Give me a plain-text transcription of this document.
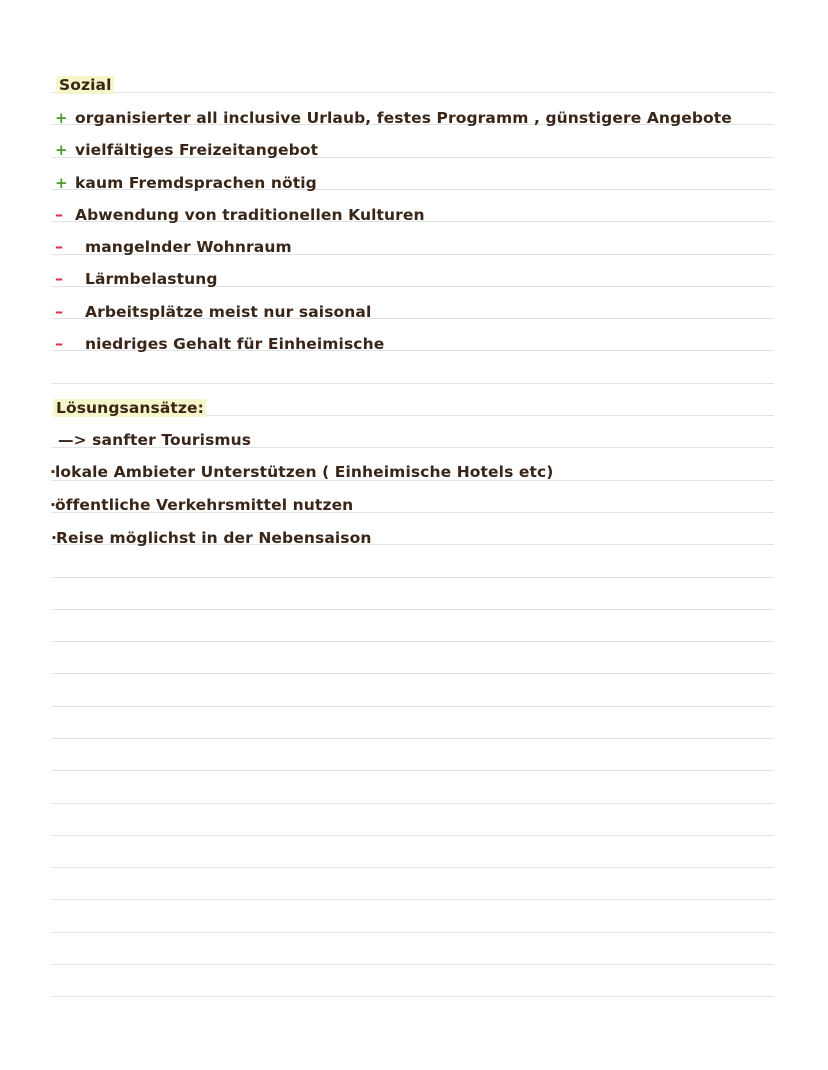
Sozial
+ organisierter all inclusive Urlaub, festes Programm , günstigere Angebote
+ vielfältiges Freizeitangebot
+ kaum Fremdsprachen nötig
– Abwendung von traditionellen Kulturen
– mangelnder Wohnraum
– Lärmbelastung
– Arbeitsplätze meist nur saisonal
– niedriges Gehalt für Einheimische
Lösungsansätze:
—> sanfter Tourismus
·lokale Ambieter Unterstützen ( Einheimische Hotels etc)
·öffentliche Verkehrsmittel nutzen
·Reise möglichst in der Nebensaison
